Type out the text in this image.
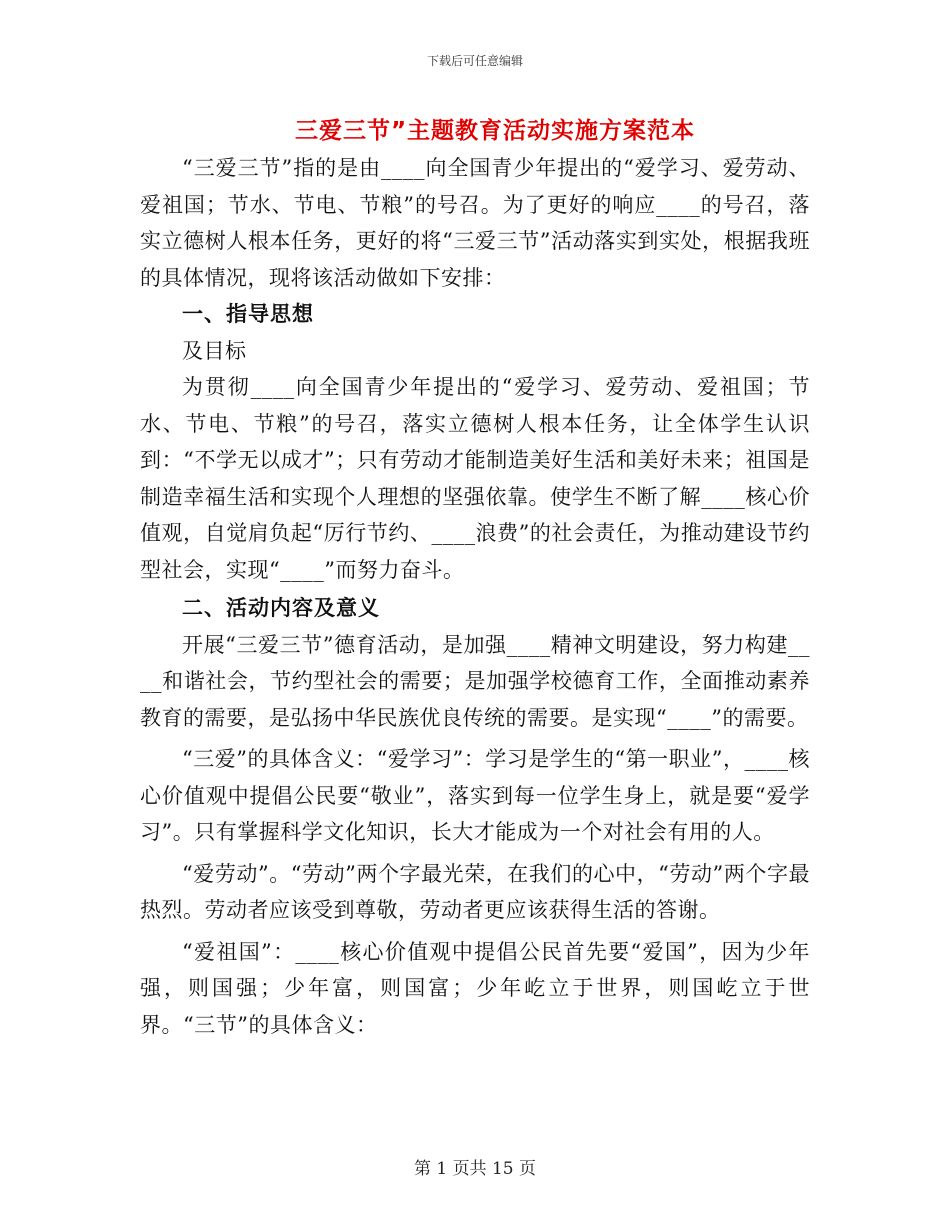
下载后可任意编辑
三爱三节”主题教育活动实施方案范本

“三爱三节”指的是由____向全国青少年提出的“爱学习、爱劳动、爱祖国；节水、节电、节粮”的号召。为了更好的响应____的号召，落实立德树人根本任务，更好的将“三爱三节”活动落实到实处，根据我班的具体情况，现将该活动做如下安排：

一、指导思想

及目标

为贯彻____向全国青少年提出的“爱学习、爱劳动、爱祖国；节水、节电、节粮”的号召，落实立德树人根本任务，让全体学生认识到：“不学无以成才”；只有劳动才能制造美好生活和美好未来；祖国是制造幸福生活和实现个人理想的坚强依靠。使学生不断了解____核心价值观，自觉肩负起“厉行节约、____浪费”的社会责任，为推动建设节约型社会，实现“____”而努力奋斗。

二、活动内容及意义

开展“三爱三节”德育活动，是加强____精神文明建设，努力构建____和谐社会，节约型社会的需要；是加强学校德育工作，全面推动素养教育的需要，是弘扬中华民族优良传统的需要。是实现“____”的需要。

“三爱”的具体含义：“爱学习”：学习是学生的“第一职业”，____核心价值观中提倡公民要“敬业”，落实到每一位学生身上，就是要“爱学习”。只有掌握科学文化知识，长大才能成为一个对社会有用的人。

“爱劳动”。“劳动”两个字最光荣，在我们的心中，“劳动”两个字最热烈。劳动者应该受到尊敬，劳动者更应该获得生活的答谢。

“爱祖国”：____核心价值观中提倡公民首先要“爱国”，因为少年强，则国强；少年富，则国富；少年屹立于世界，则国屹立于世界。“三节”的具体含义：

第 1 页共 15 页
